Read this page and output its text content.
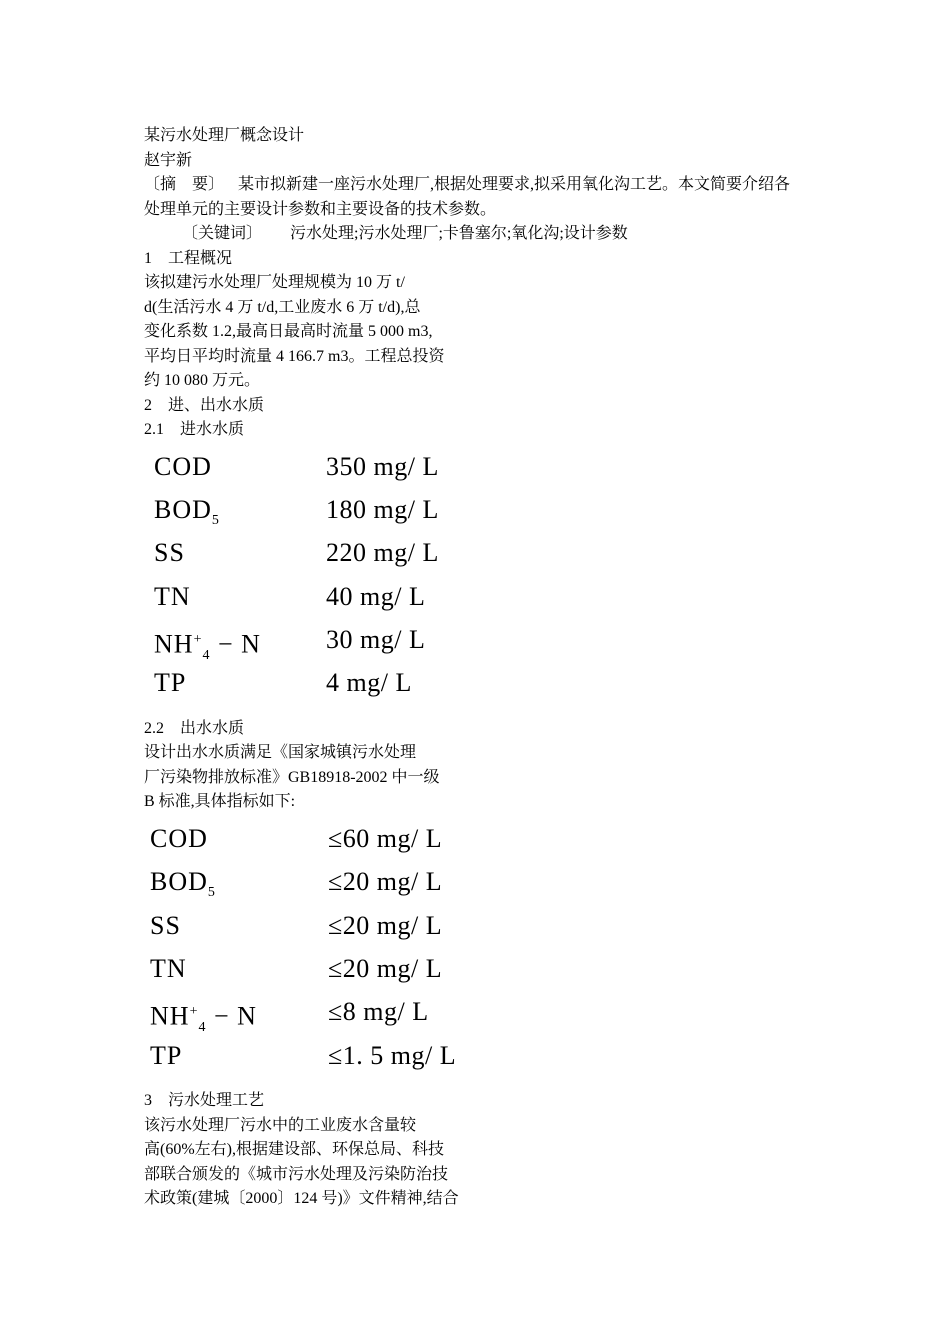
某污水处理厂概念设计
赵宇新
〔摘　要〕 某市拟新建一座污水处理厂,根据处理要求,拟采用氧化沟工艺。本文简要介绍各
处理单元的主要设计参数和主要设备的技术参数。
〔关键词〕 污水处理;污水处理厂;卡鲁塞尔;氧化沟;设计参数
1　工程概况
该拟建污水处理厂处理规模为 10 万 t/
d(生活污水 4 万 t/d,工业废水 6 万 t/d),总
变化系数 1.2,最高日最高时流量 5 000 m3,
平均日平均时流量 4 166.7 m3。工程总投资
约 10 080 万元。
2　进、出水水质
2.1　进水水质
COD	350 mg/ L
$BOD_5$	180 mg/ L
SS	220 mg/ L
TN	40 mg/ L
$NH^+_4 - N$	30 mg/ L
TP	4 mg/ L
2.2　出水水质
设计出水水质满足《国家城镇污水处理
厂污染物排放标准》GB18918-2002 中一级
B 标准,具体指标如下:
COD	≤60 mg/ L
$BOD_5$	≤20 mg/ L
SS	≤20 mg/ L
TN	≤20 mg/ L
$NH^+_4 - N$	≤8 mg/ L
TP	≤1. 5 mg/ L
3　污水处理工艺
该污水处理厂污水中的工业废水含量较
高(60%左右),根据建设部、环保总局、科技
部联合颁发的《城市污水处理及污染防治技
术政策(建城〔2000〕124 号)》文件精神,结合
